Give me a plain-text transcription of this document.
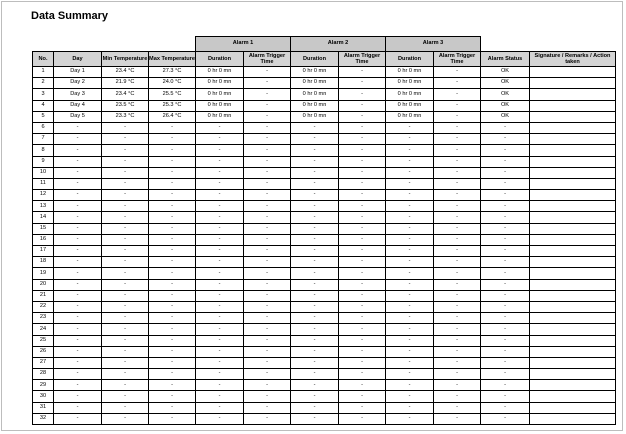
Data Summary
				Alarm 1		Alarm 2		Alarm 3			
No.	Day	Min Temperature	Max Temperature	Duration	Alarm Trigger Time	Duration	Alarm Trigger Time	Duration	Alarm Trigger Time	Alarm Status	Signature / Remarks / Action taken
1	Day 1	23.4 °C	27.3 °C	0 hr 0 mn	-	0 hr 0 mn	-	0 hr 0 mn	-	OK	
2	Day 2	21.9 °C	24.0 °C	0 hr 0 mn	-	0 hr 0 mn	-	0 hr 0 mn	-	OK	
3	Day 3	23.4 °C	25.5 °C	0 hr 0 mn	-	0 hr 0 mn	-	0 hr 0 mn	-	OK	
4	Day 4	23.5 °C	25.3 °C	0 hr 0 mn	-	0 hr 0 mn	-	0 hr 0 mn	-	OK	
5	Day 5	23.3 °C	26.4 °C	0 hr 0 mn	-	0 hr 0 mn	-	0 hr 0 mn	-	OK	
6	-	-	-	-	-	-	-	-	-	-	
7	-	-	-	-	-	-	-	-	-	-	
8	-	-	-	-	-	-	-	-	-	-	
9	-	-	-	-	-	-	-	-	-	-	
10	-	-	-	-	-	-	-	-	-	-	
11	-	-	-	-	-	-	-	-	-	-	
12	-	-	-	-	-	-	-	-	-	-	
13	-	-	-	-	-	-	-	-	-	-	
14	-	-	-	-	-	-	-	-	-	-	
15	-	-	-	-	-	-	-	-	-	-	
16	-	-	-	-	-	-	-	-	-	-	
17	-	-	-	-	-	-	-	-	-	-	
18	-	-	-	-	-	-	-	-	-	-	
19	-	-	-	-	-	-	-	-	-	-	
20	-	-	-	-	-	-	-	-	-	-	
21	-	-	-	-	-	-	-	-	-	-	
22	-	-	-	-	-	-	-	-	-	-	
23	-	-	-	-	-	-	-	-	-	-	
24	-	-	-	-	-	-	-	-	-	-	
25	-	-	-	-	-	-	-	-	-	-	
26	-	-	-	-	-	-	-	-	-	-	
27	-	-	-	-	-	-	-	-	-	-	
28	-	-	-	-	-	-	-	-	-	-	
29	-	-	-	-	-	-	-	-	-	-	
30	-	-	-	-	-	-	-	-	-	-	
31	-	-	-	-	-	-	-	-	-	-	
32	-	-	-	-	-	-	-	-	-	-	
